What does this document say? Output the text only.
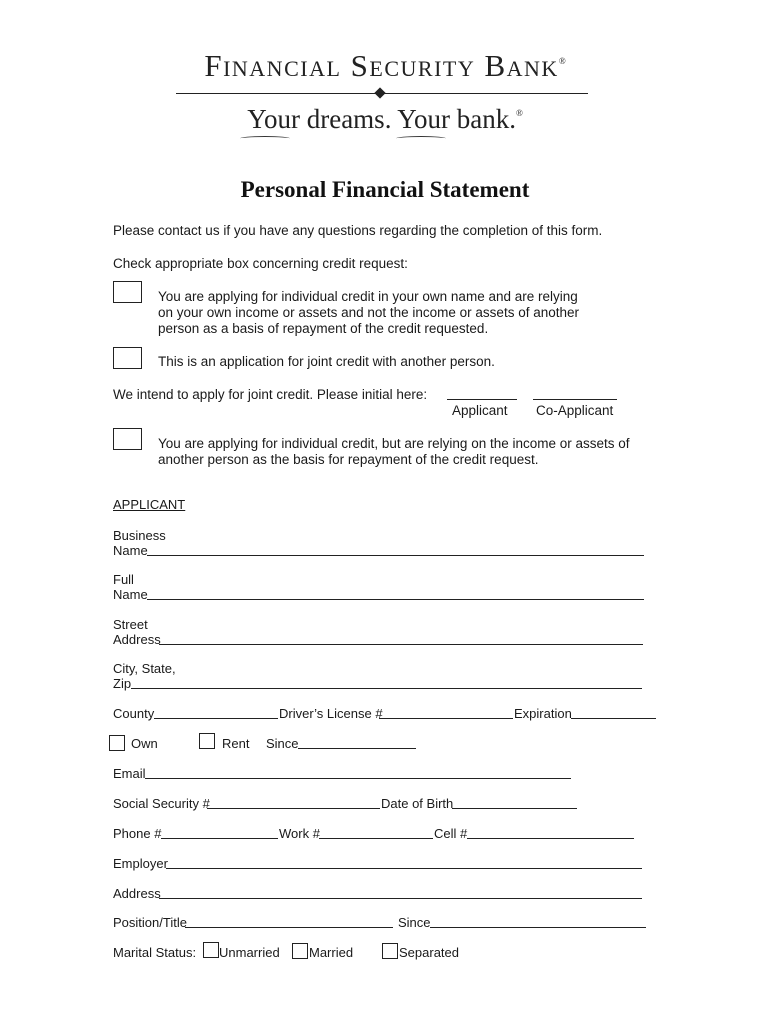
Financial Security Bank®
Your dreams. Your bank.®
Personal Financial Statement
Please contact us if you have any questions regarding the completion of this form.
Check appropriate box concerning credit request:
You are applying for individual credit in your own name and are relying
on your own income or assets and not the income or assets of another
person as a basis of repayment of the credit requested.
This is an application for joint credit with another person.
We intend to apply for joint credit. Please initial here:
Applicant Co-Applicant
You are applying for individual credit, but are relying on the income or assets of
another person as the basis for repayment of the credit request.
APPLICANT
Business
Name
Full
Name
Street
Address
City, State,
Zip
County	Driver’s License #	Expiration
Own	Rent Since
Email
Social Security #	Date of Birth
Phone #	Work #	Cell #
Employer
Address
Position/Title	Since
Marital Status: Unmarried Married	Separated
